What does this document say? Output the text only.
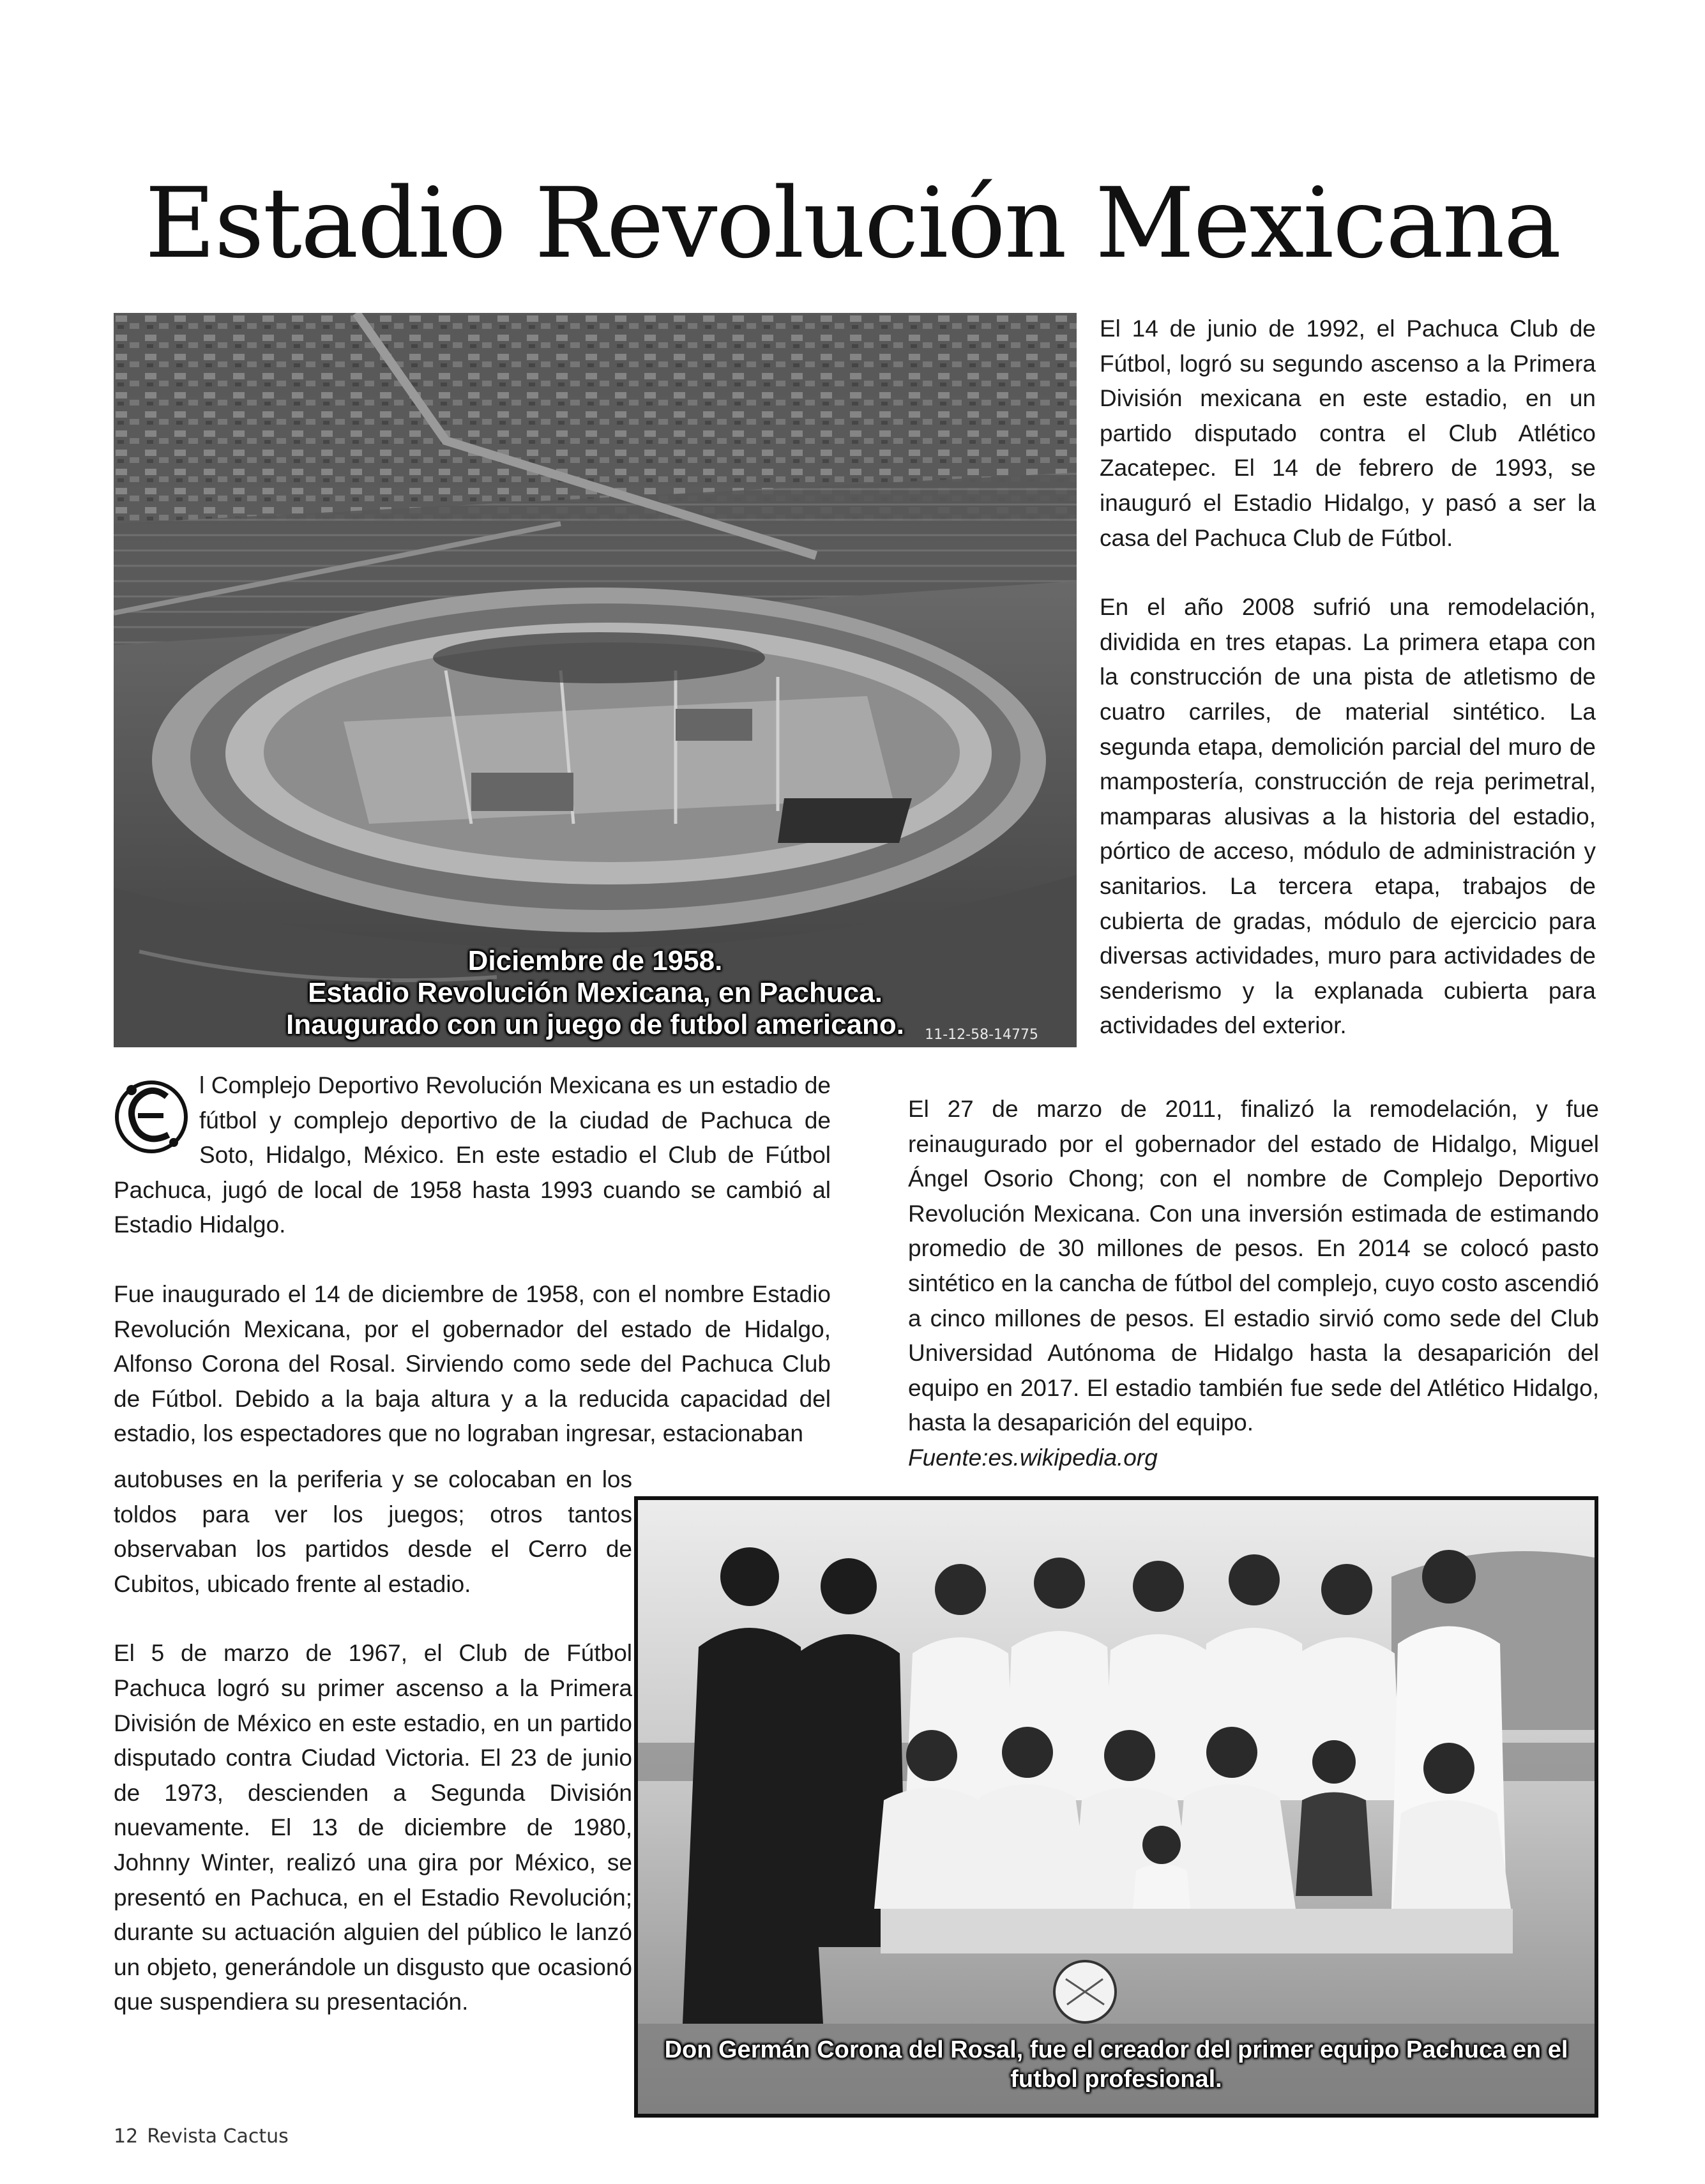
Estadio Revolución Mexicana
Diciembre de 1958.
Estadio Revolución Mexicana, en Pachuca.
Inaugurado con un juego de futbol americano.	11-12-58-14775

El 14 de junio de 1992, el Pachuca Club de Fútbol, logró su segundo ascenso a la Primera División mexicana en este estadio, en un partido disputado contra el Club Atlético Zacatepec. El 14 de febrero de 1993, se inauguró el Estadio Hidalgo, y pasó a ser la casa del Pachuca Club de Fútbol.

En el año 2008 sufrió una remodelación, dividida en tres etapas. La primera etapa con la construcción de una pista de atletismo de cuatro carriles, de material sintético. La segunda etapa, demolición parcial del muro de mampostería, construcción de reja perimetral, mamparas alusivas a la historia del estadio, pórtico de acceso, módulo de administración y sanitarios. La tercera etapa, trabajos de cubierta de gradas, módulo de ejercicio para diversas actividades, muro para actividades de senderismo y la explanada cubierta para actividades del exterior.

l Complejo Deportivo Revolución Mexicana es un estadio de fútbol y complejo deportivo de la ciudad de Pachuca de Soto, Hidalgo, México. En este estadio el Club de Fútbol Pachuca, jugó de local de 1958 hasta 1993 cuando se cambió al Estadio Hidalgo.

Fue inaugurado el 14 de diciembre de 1958, con el nombre Estadio Revolución Mexicana, por el gobernador del estado de Hidalgo, Alfonso Corona del Rosal. Sirviendo como sede del Pachuca Club de Fútbol. Debido a la baja altura y a la reducida capacidad del estadio, los espectadores que no lograban ingresar, estacionaban

autobuses en la periferia y se colocaban en los toldos para ver los juegos; otros tantos observaban los partidos desde el Cerro de Cubitos, ubicado frente al estadio.

El 5 de marzo de 1967, el Club de Fútbol Pachuca logró su primer ascenso a la Primera División de México en este estadio, en un partido disputado contra Ciudad Victoria. El 23 de junio de 1973, descienden a Segunda División nuevamente. El 13 de diciembre de 1980, Johnny Winter, realizó una gira por México, se presentó en Pachuca, en el Estadio Revolución; durante su actuación alguien del público le lanzó un objeto, generándole un disgusto que ocasionó que suspendiera su presentación.

El 27 de marzo de 2011, finalizó la remodelación, y fue reinaugurado por el gobernador del estado de Hidalgo, Miguel Ángel Osorio Chong; con el nombre de Complejo Deportivo Revolución Mexicana. Con una inversión estimada de estimando promedio de 30 millones de pesos. En 2014 se colocó pasto sintético en la cancha de fútbol del complejo, cuyo costo ascendió a cinco millones de pesos. El estadio sirvió como sede del Club Universidad Autónoma de Hidalgo hasta la desaparición del equipo en 2017. El estadio también fue sede del Atlético Hidalgo, hasta la desaparición del equipo.

Fuente:es.wikipedia.org
Don Germán Corona del Rosal, fue el creador del primer equipo Pachuca en el
futbol profesional.
12 Revista Cactus
